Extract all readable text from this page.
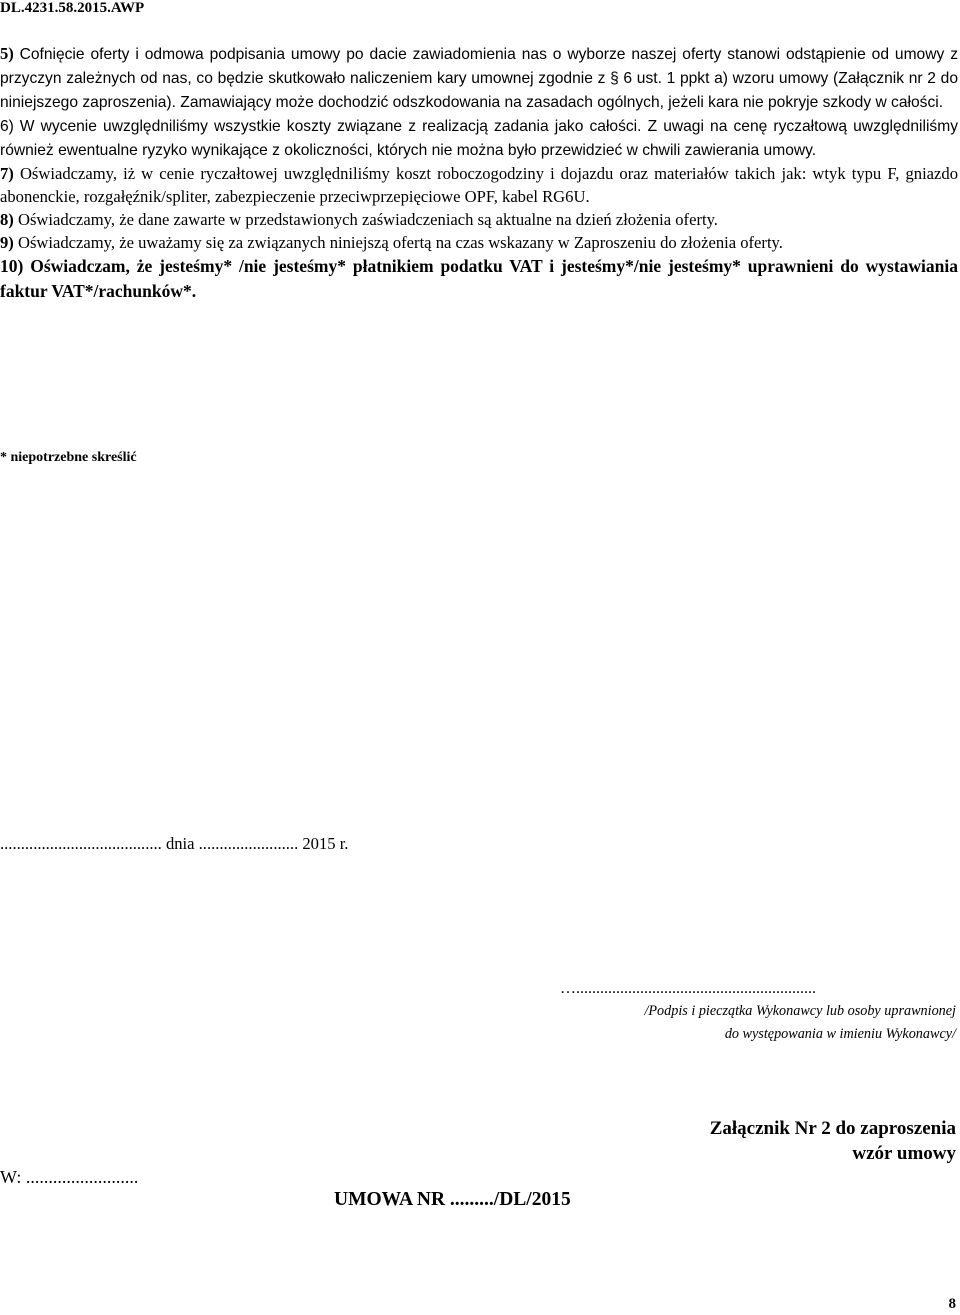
DL.4231.58.2015.AWP

5) Cofnięcie oferty i odmowa podpisania umowy po dacie zawiadomienia nas o wyborze naszej oferty stanowi odstąpienie od umowy z przyczyn zależnych od nas, co będzie skutkowało naliczeniem kary umownej zgodnie z § 6 ust. 1 ppkt a) wzoru umowy (Załącznik nr 2 do niniejszego zaproszenia). Zamawiający może dochodzić odszkodowania na zasadach ogólnych, jeżeli kara nie pokryje szkody w całości.

6) W wycenie uwzględniliśmy wszystkie koszty związane z realizacją zadania jako całości. Z uwagi na cenę ryczałtową uwzględniliśmy również ewentualne ryzyko wynikające z okoliczności, których nie można było przewidzieć w chwili zawierania umowy.

7) Oświadczamy, iż w cenie ryczałtowej uwzględniliśmy koszt roboczogodziny i dojazdu oraz materiałów takich jak: wtyk typu F, gniazdo abonenckie, rozgałęźnik/spliter, zabezpieczenie przeciwprzepięciowe OPF, kabel RG6U.

8) Oświadczamy, że dane zawarte w przedstawionych zaświadczeniach są aktualne na dzień złożenia oferty.

9) Oświadczamy, że uważamy się za związanych niniejszą ofertą na czas wskazany w Zaproszeniu do złożenia oferty.

10) Oświadczam, że jesteśmy* /nie jesteśmy* płatnikiem podatku VAT i jesteśmy*/nie jesteśmy* uprawnieni do wystawiania faktur VAT*/rachunków*.

* niepotrzebne skreślić
....................................... dnia ........................ 2015 r.
…............................................................
/Podpis i pieczątka Wykonawcy lub osoby uprawnionej
do występowania w imieniu Wykonawcy/
Załącznik Nr 2 do zaproszenia
wzór umowy
W: .........................
UMOWA NR ........./DL/2015
8
